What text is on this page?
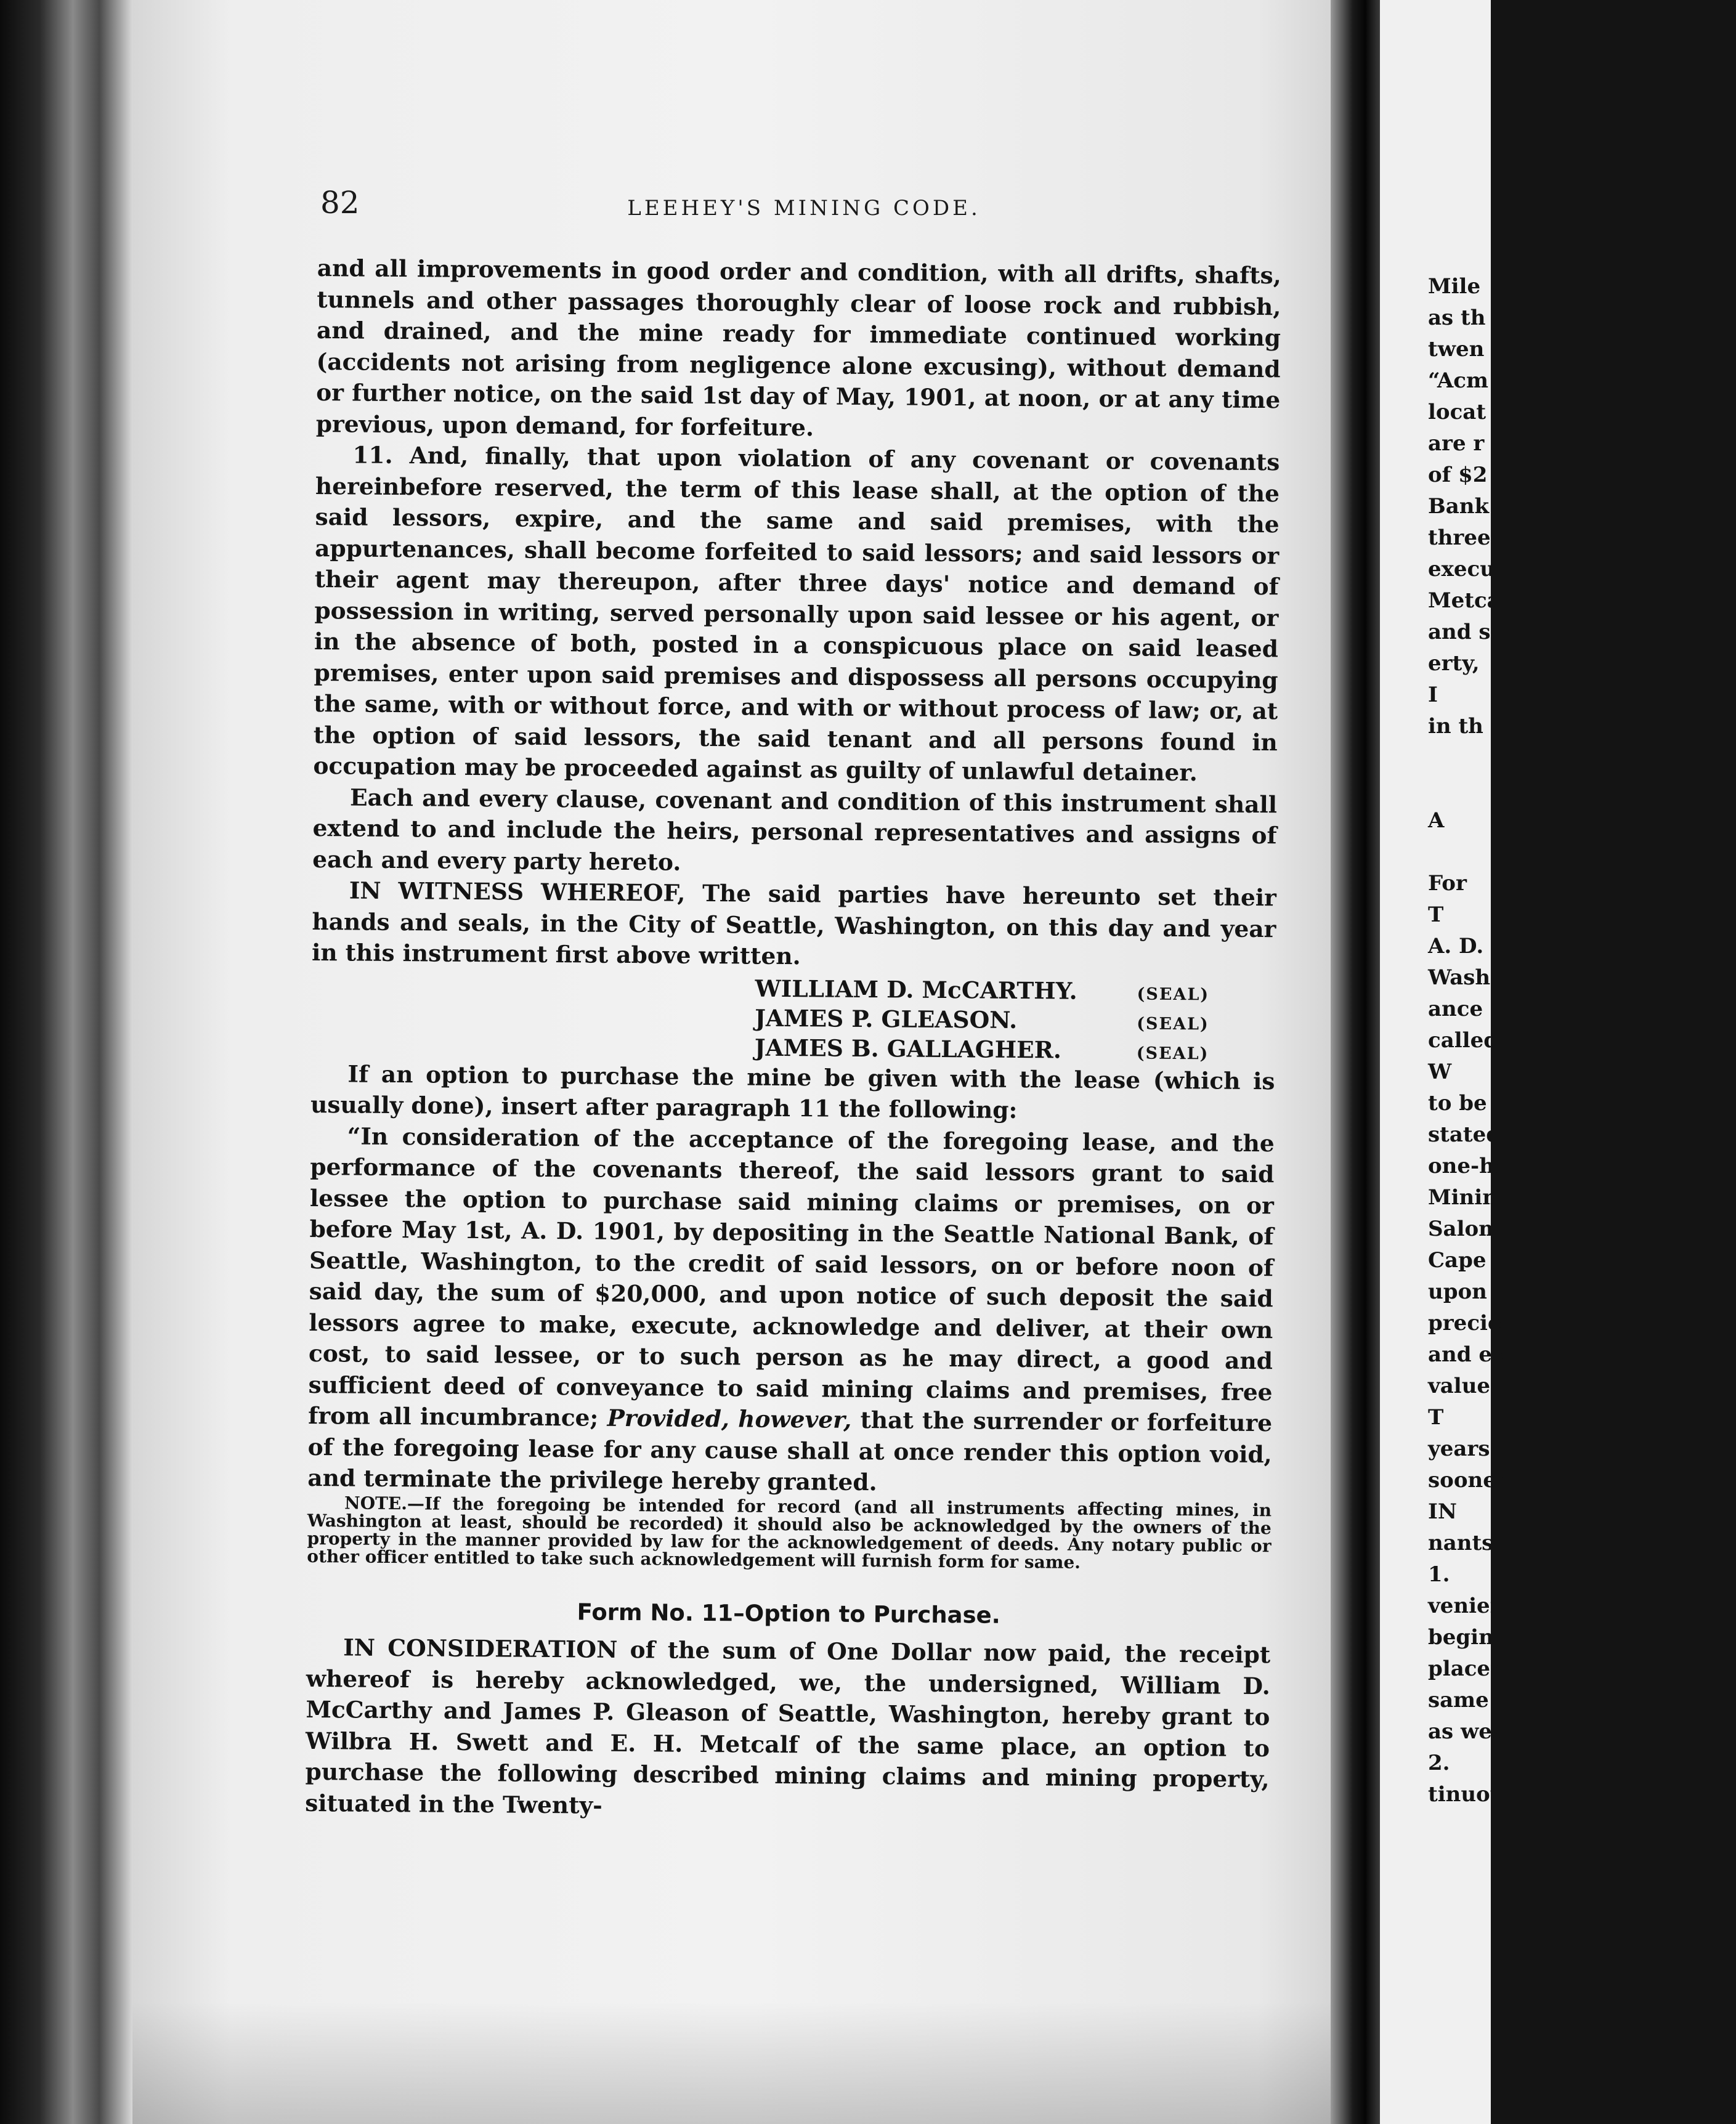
82	LEEHEY'S MINING CODE.

and all improvements in good order and condition, with all drifts, shafts, tunnels and other passages thoroughly clear of loose rock and rubbish, and drained, and the mine ready for immediate continued working (accidents not arising from negligence alone excusing), without demand or further notice, on the said 1st day of May, 1901, at noon, or at any time previous, upon demand, for forfeiture.

11. And, finally, that upon violation of any covenant or covenants hereinbefore reserved, the term of this lease shall, at the option of the said lessors, expire, and the same and said premises, with the appurtenances, shall become forfeited to said lessors; and said lessors or their agent may thereupon, after three days' notice and demand of possession in writing, served personally upon said lessee or his agent, or in the absence of both, posted in a conspicuous place on said leased premises, enter upon said premises and dispossess all persons occupying the same, with or without force, and with or without process of law; or, at the option of said lessors, the said tenant and all persons found in occupation may be proceeded against as guilty of unlawful detainer.

Each and every clause, covenant and condition of this instrument shall extend to and include the heirs, personal representatives and assigns of each and every party hereto.

IN WITNESS WHEREOF, The said parties have hereunto set their hands and seals, in the City of Seattle, Washington, on this day and year in this instrument first above written.

WILLIAM D. McCARTHY.	(SEAL)
JAMES P. GLEASON.	(SEAL)
JAMES B. GALLAGHER.	(SEAL)

If an option to purchase the mine be given with the lease (which is usually done), insert after paragraph 11 the following:

“In consideration of the acceptance of the foregoing lease, and the performance of the covenants thereof, the said lessors grant to said lessee the option to purchase said mining claims or premises, on or before May 1st, A. D. 1901, by depositing in the Seattle National Bank, of Seattle, Washington, to the credit of said lessors, on or before noon of said day, the sum of $20,000, and upon notice of such deposit the said lessors agree to make, execute, acknowledge and deliver, at their own cost, to said lessee, or to such person as he may direct, a good and sufficient deed of conveyance to said mining claims and premises, free from all incumbrance; Provided, however, that the surrender or forfeiture of the foregoing lease for any cause shall at once render this option void, and terminate the privilege hereby granted.

NOTE.—If the foregoing be intended for record (and all instruments affecting mines, in Washington at least, should be recorded) it should also be acknowledged by the owners of the property in the manner provided by law for the acknowledgement of deeds. Any notary public or other officer entitled to take such acknowledgement will furnish form for same.

Form No. 11–Option to Purchase.

IN CONSIDERATION of the sum of One Dollar now paid, the receipt whereof is hereby acknowledged, we, the undersigned, William D. McCarthy and James P. Gleason of Seattle, Washington, hereby grant to Wilbra H. Swett and E. H. Metcalf of the same place, an option to purchase the following described mining claims and mining property, situated in the Twenty-

Mile
as th
twen
“Acm
locat
are r
of $2
Bank
three
execu
Metca
and s
erty,
I
in th
A
For
T
A. D.
Wash
ance
called
W
to be
stated
one-ha
Minin
Salom
Cape
upon
precio
and ex
value.
T
years
sooner
IN
nants
1.
venien
begin
placer
same
as wea
2.
tinuou
